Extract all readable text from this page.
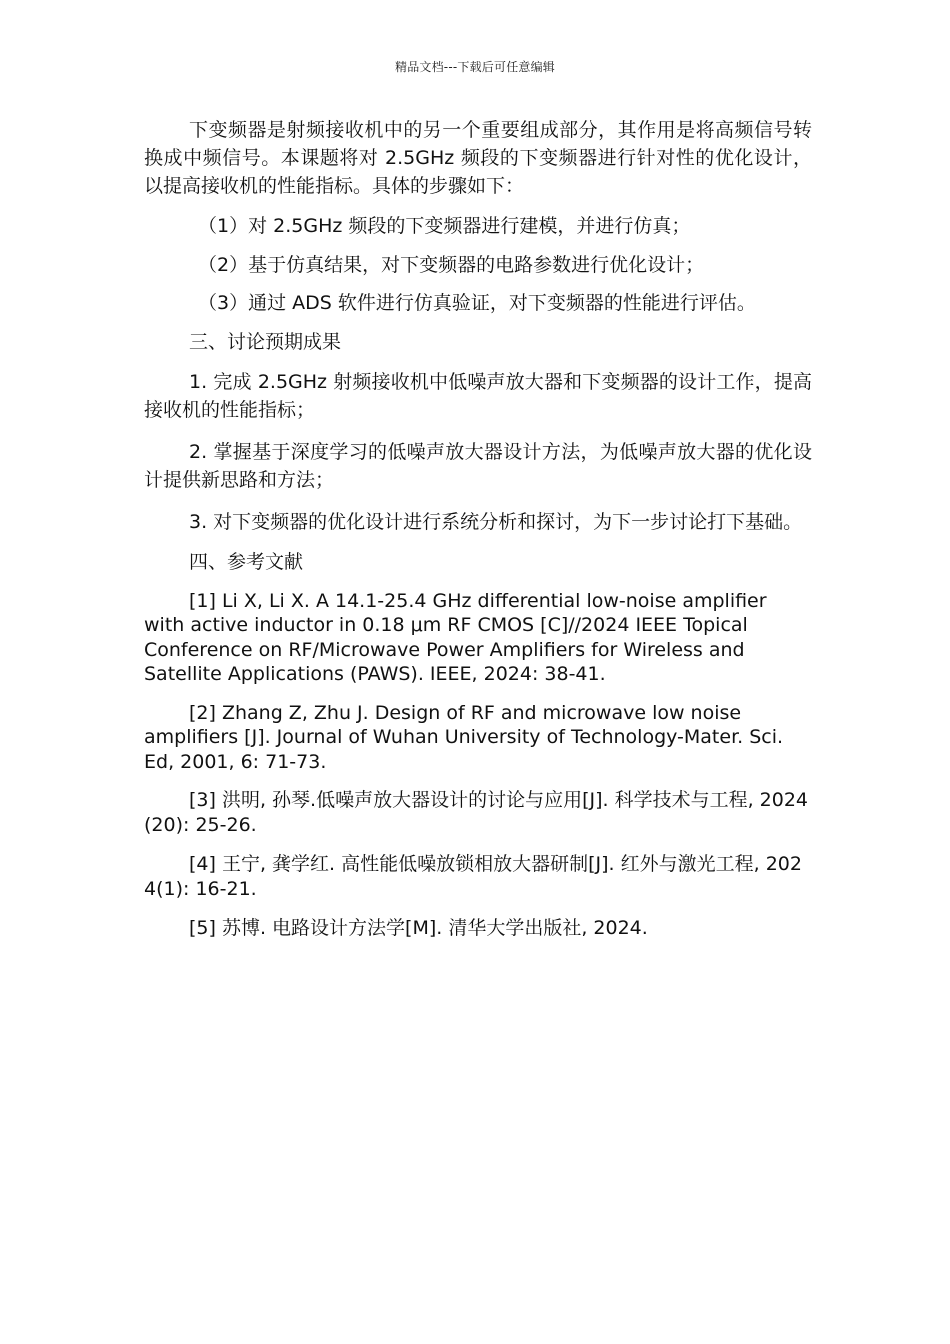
精品文档---下载后可任意编辑

下变频器是射频接收机中的另一个重要组成部分，其作用是将高频信号转换成中频信号。本课题将对 2.5GHz 频段的下变频器进行针对性的优化设计，以提高接收机的性能指标。具体的步骤如下：

（1）对 2.5GHz 频段的下变频器进行建模，并进行仿真；

（2）基于仿真结果，对下变频器的电路参数进行优化设计；

（3）通过 ADS 软件进行仿真验证，对下变频器的性能进行评估。

三、讨论预期成果

1. 完成 2.5GHz 射频接收机中低噪声放大器和下变频器的设计工作，提高接收机的性能指标；

2. 掌握基于深度学习的低噪声放大器设计方法，为低噪声放大器的优化设计提供新思路和方法；

3. 对下变频器的优化设计进行系统分析和探讨，为下一步讨论打下基础。

四、参考文献

[1] Li X, Li X. A 14.1-25.4 GHz differential low-noise amplifier with active inductor in 0.18 μm RF CMOS [C]//2024 IEEE Topical Conference on RF/Microwave Power Amplifiers for Wireless and Satellite Applications (PAWS). IEEE, 2024: 38-41.

[2] Zhang Z, Zhu J. Design of RF and microwave low noise amplifiers [J]. Journal of Wuhan University of Technology-Mater. Sci. Ed, 2001, 6: 71-73.

[3] 洪明, 孙琴.低噪声放大器设计的讨论与应用[J]. 科学技术与工程, 2024(20): 25-26.

[4] 王宁, 龚学红. 高性能低噪放锁相放大器研制[J]. 红外与激光工程, 2024(1): 16-21.

[5] 苏博. 电路设计方法学[M]. 清华大学出版社, 2024.
